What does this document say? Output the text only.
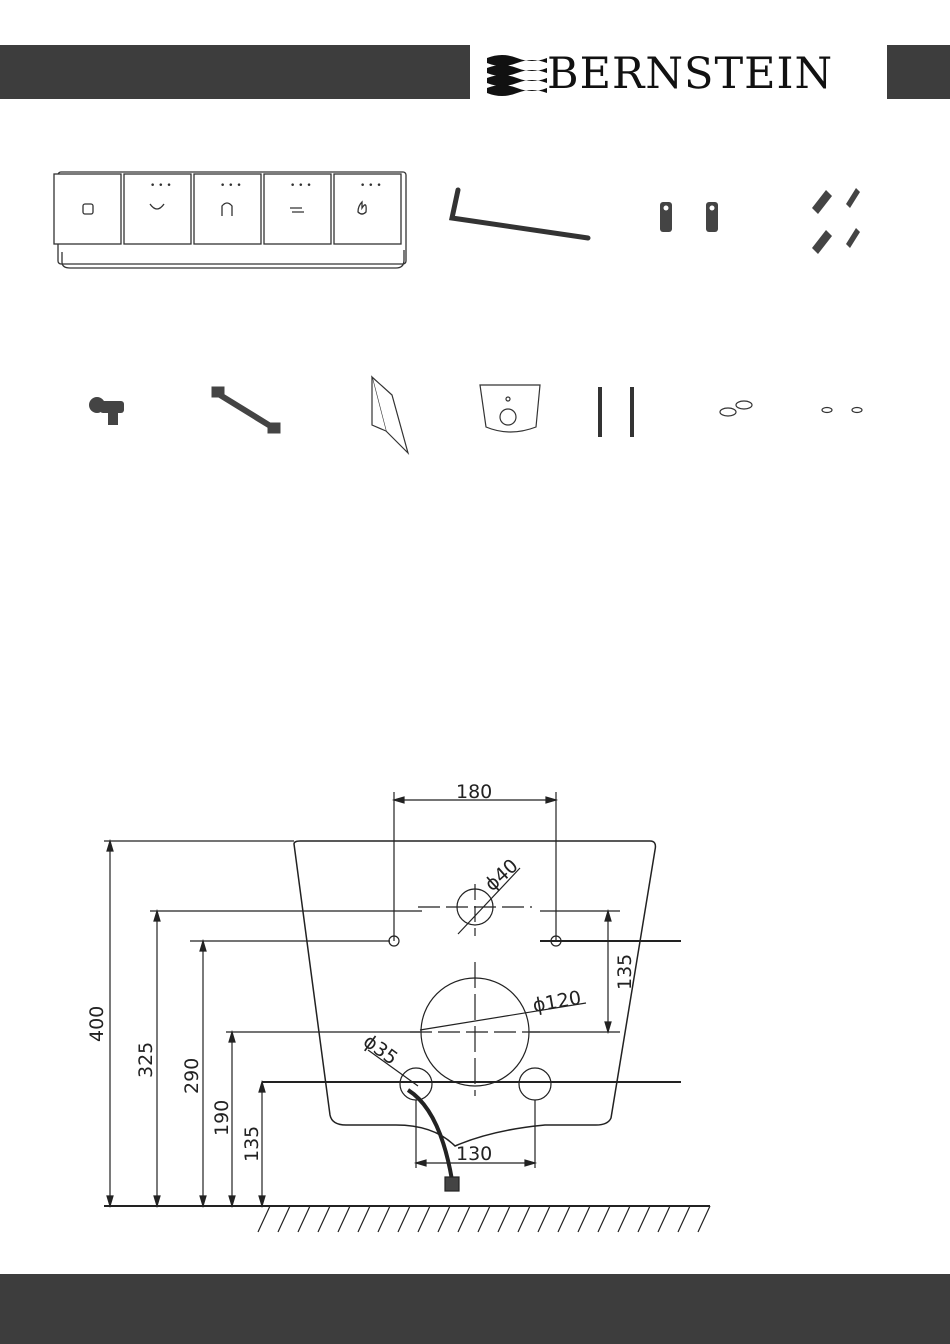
BERNSTEIN
• • •	• • •	• • •	• • •
180
ϕ40
ϕ120
ϕ35
135
400
325 290
190
135	130
